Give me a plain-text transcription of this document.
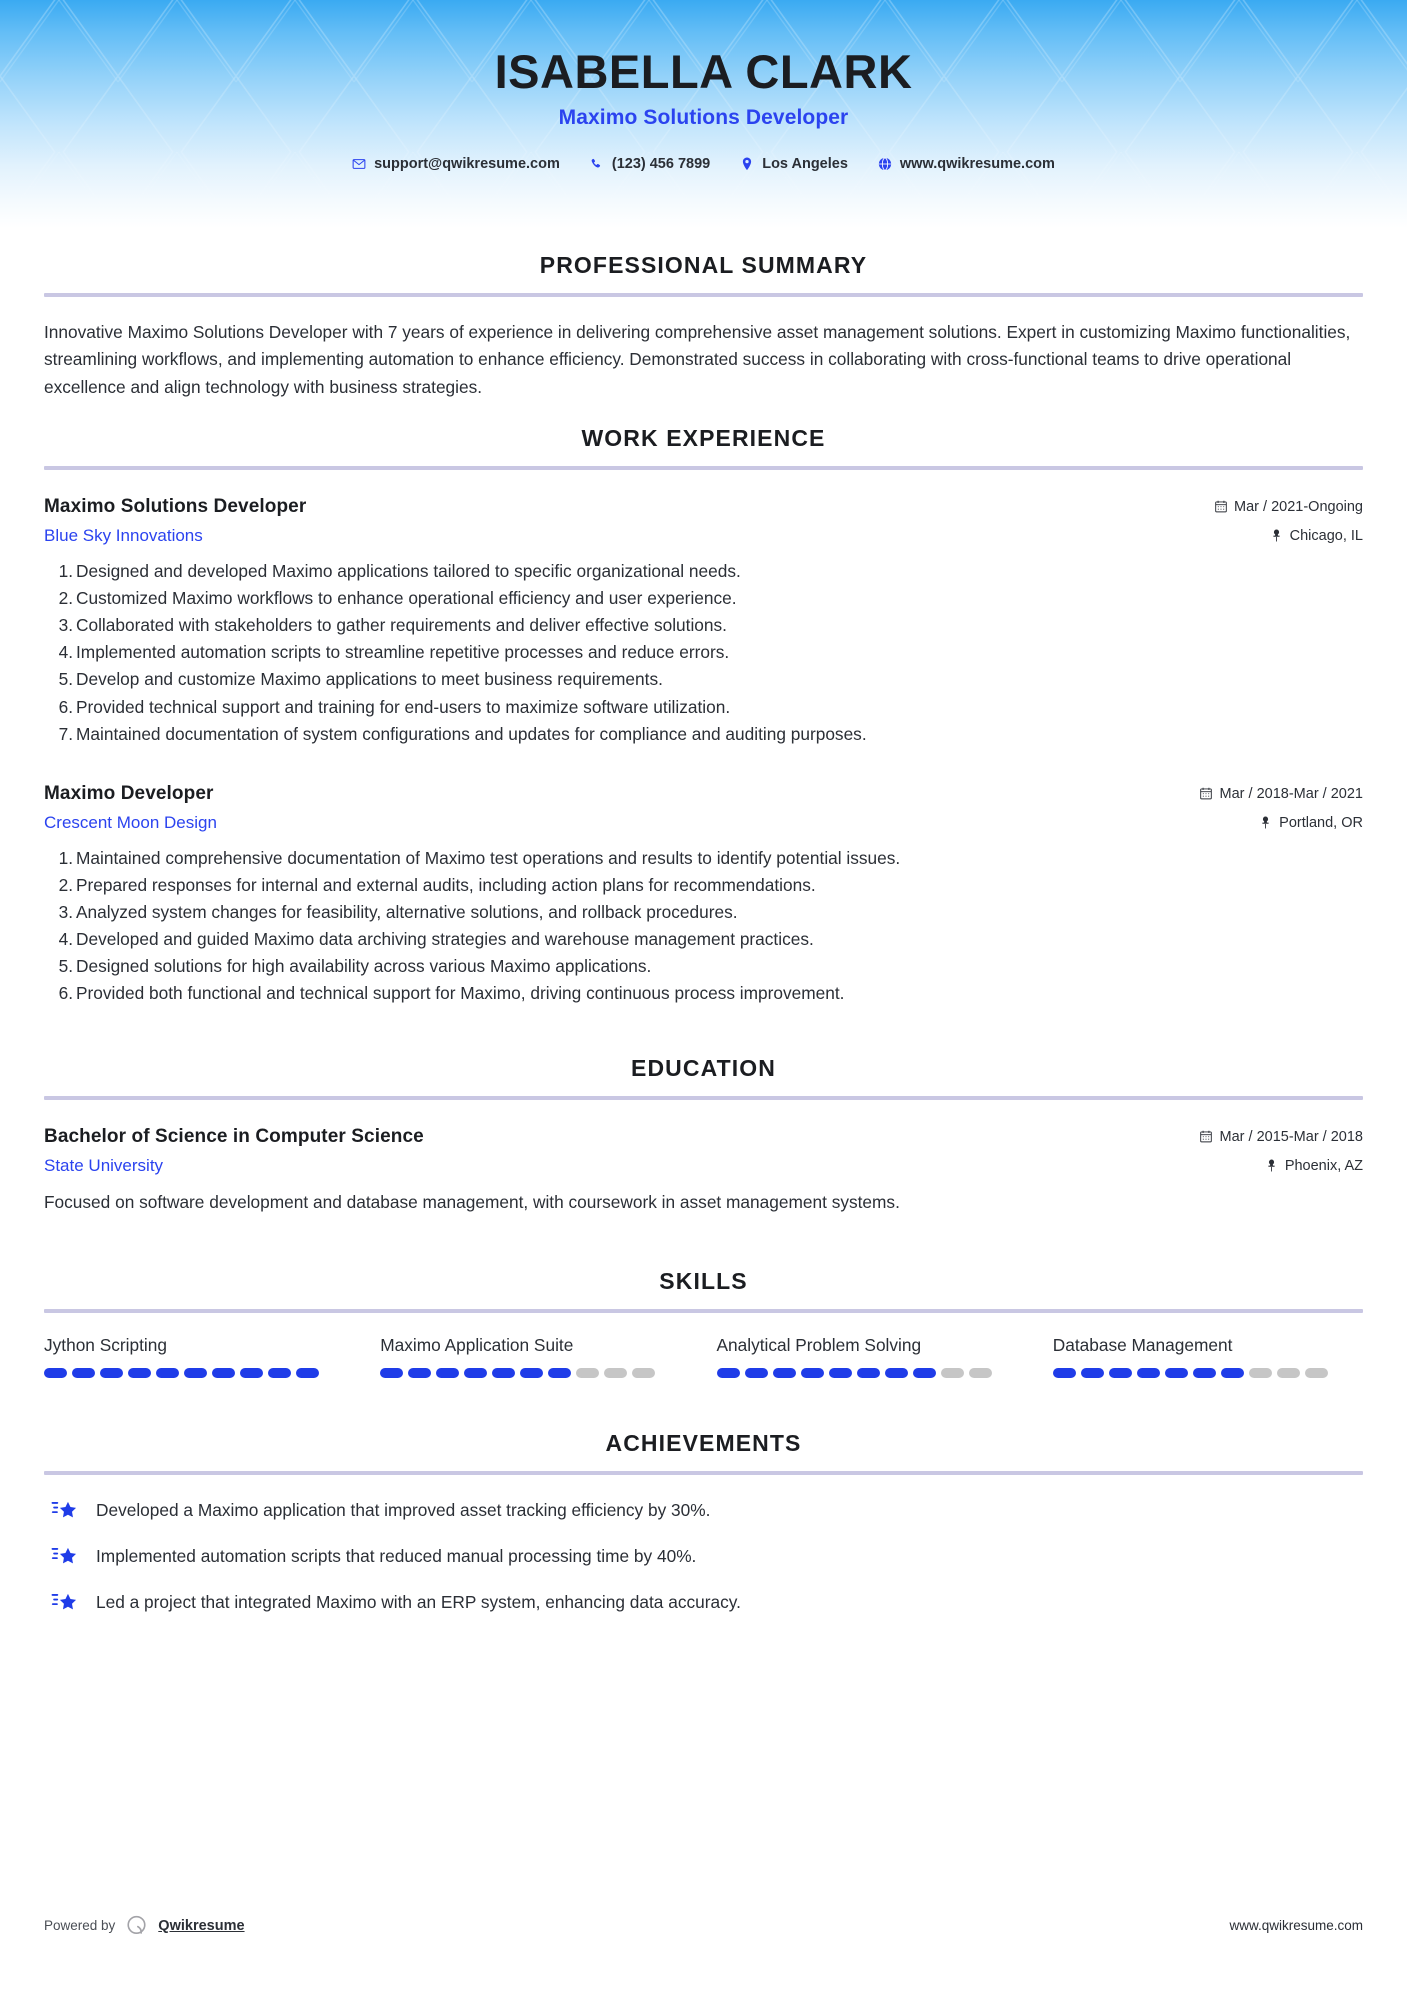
ISABELLA CLARK
Maximo Solutions Developer
support@qwikresume.com	(123) 456 7899	Los Angeles	www.qwikresume.com
PROFESSIONAL SUMMARY

Innovative Maximo Solutions Developer with 7 years of experience in delivering comprehensive asset management solutions. Expert in customizing Maximo functionalities, streamlining workflows, and implementing automation to enhance efficiency. Demonstrated success in collaborating with cross-functional teams to drive operational excellence and align technology with business strategies.

WORK EXPERIENCE
Maximo Solutions Developer
Blue Sky Innovations
Mar / 2021-Ongoing
Chicago, IL
Designed and developed Maximo applications tailored to specific organizational needs.
Customized Maximo workflows to enhance operational efficiency and user experience.
Collaborated with stakeholders to gather requirements and deliver effective solutions.
Implemented automation scripts to streamline repetitive processes and reduce errors.
Develop and customize Maximo applications to meet business requirements.
Provided technical support and training for end-users to maximize software utilization.
Maintained documentation of system configurations and updates for compliance and auditing purposes.
Maximo Developer
Crescent Moon Design
Mar / 2018-Mar / 2021
Portland, OR
Maintained comprehensive documentation of Maximo test operations and results to identify potential issues.
Prepared responses for internal and external audits, including action plans for recommendations.
Analyzed system changes for feasibility, alternative solutions, and rollback procedures.
Developed and guided Maximo data archiving strategies and warehouse management practices.
Designed solutions for high availability across various Maximo applications.
Provided both functional and technical support for Maximo, driving continuous process improvement.
EDUCATION
Bachelor of Science in Computer Science
State University
Mar / 2015-Mar / 2018
Phoenix, AZ

Focused on software development and database management, with coursework in asset management systems.

SKILLS
Jython Scripting	Maximo Application Suite	Analytical Problem Solving	Database Management
ACHIEVEMENTS
Developed a Maximo application that improved asset tracking efficiency by 30%.
Implemented automation scripts that reduced manual processing time by 40%.
Led a project that integrated Maximo with an ERP system, enhancing data accuracy.
Powered by	Qwikresume	www.qwikresume.com
